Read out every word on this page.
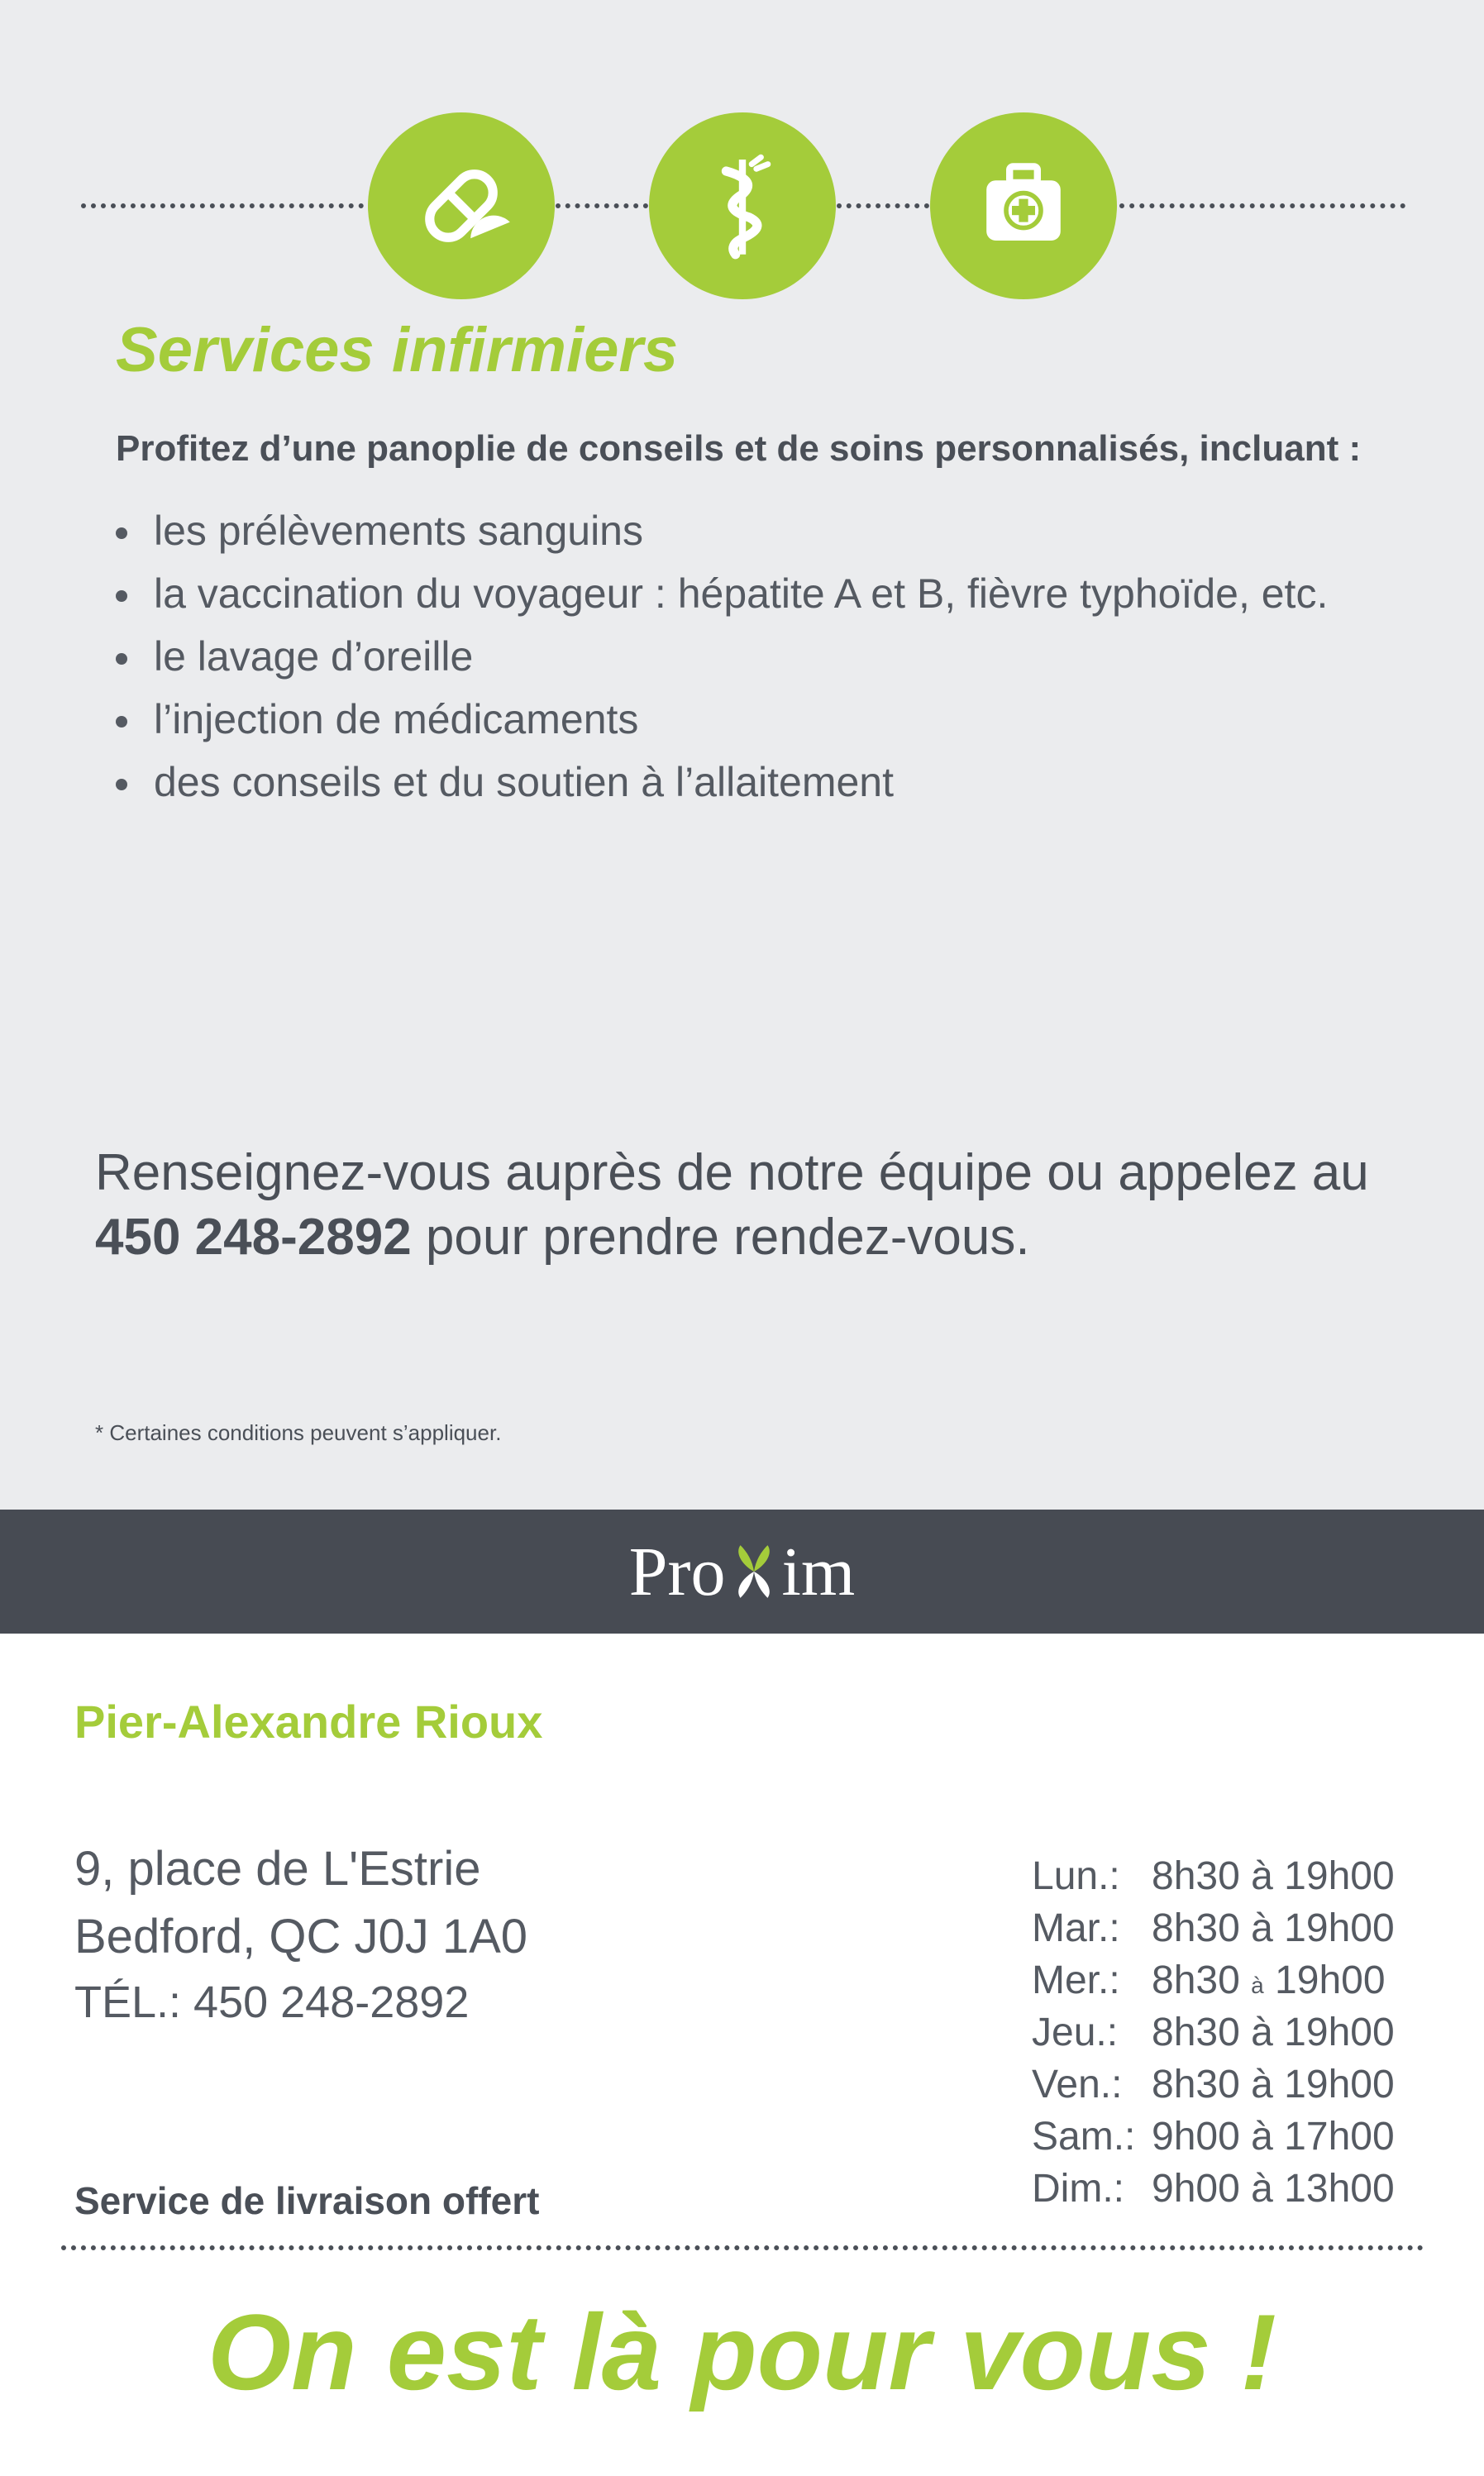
Services infirmiers
Profitez d’une panoplie de conseils et de soins personnalisés, incluant :
les prélèvements sanguins
la vaccination du voyageur : hépatite A et B, fièvre typhoïde, etc.
le lavage d’oreille
l’injection de médicaments
des conseils et du soutien à l’allaitement
Renseignez-vous auprès de notre équipe ou appelez au
450 248-2892 pour prendre rendez-vous.
* Certaines conditions peuvent s’appliquer.
Pro im
Pier-Alexandre Rioux
9, place de L'Estrie
Bedford, QC J0J 1A0
TÉL.: 450 248-2892
Service de livraison offert
Lun.: 8h30 à 19h00
Mar.: 8h30 à 19h00
Mer.: 8h30 à 19h00
Jeu.: 8h30 à 19h00
Ven.: 8h30 à 19h00
Sam.: 9h00 à 17h00
Dim.: 9h00 à 13h00
On est là pour vous !
